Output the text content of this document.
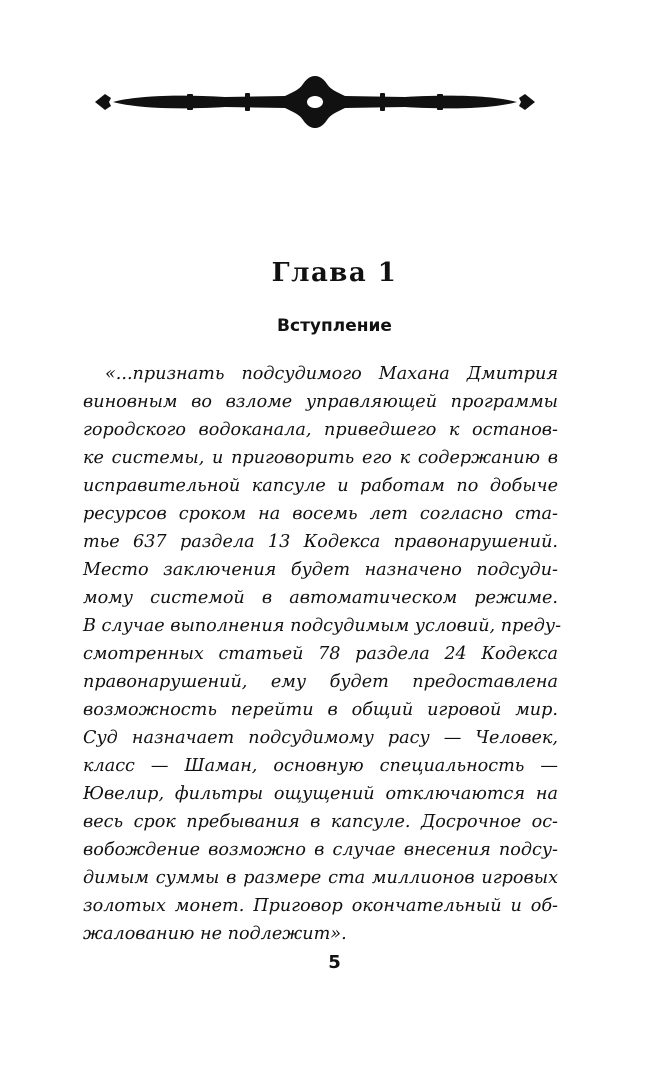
Глава 1
Вступление
«...признать подсудимого Махана Дмитрия
виновным во взломе управляющей программы
городского водоканала, приведшего к останов-
ке системы, и приговорить его к содержанию в
исправительной капсуле и работам по добыче
ресурсов сроком на восемь лет согласно ста-
тье 637 раздела 13 Кодекса правонарушений.
Место заключения будет назначено подсуди-
мому системой в автоматическом режиме.
В случае выполнения подсудимым условий, преду-
смотренных статьей 78 раздела 24 Кодекса
правонарушений, ему будет предоставлена
возможность перейти в общий игровой мир.
Суд назначает подсудимому расу — Человек,
класс — Шаман, основную специальность —
Ювелир, фильтры ощущений отключаются на
весь срок пребывания в капсуле. Досрочное ос-
вобождение возможно в случае внесения подсу-
димым суммы в размере ста миллионов игровых
золотых монет. Приговор окончательный и об-
жалованию не подлежит».
5
